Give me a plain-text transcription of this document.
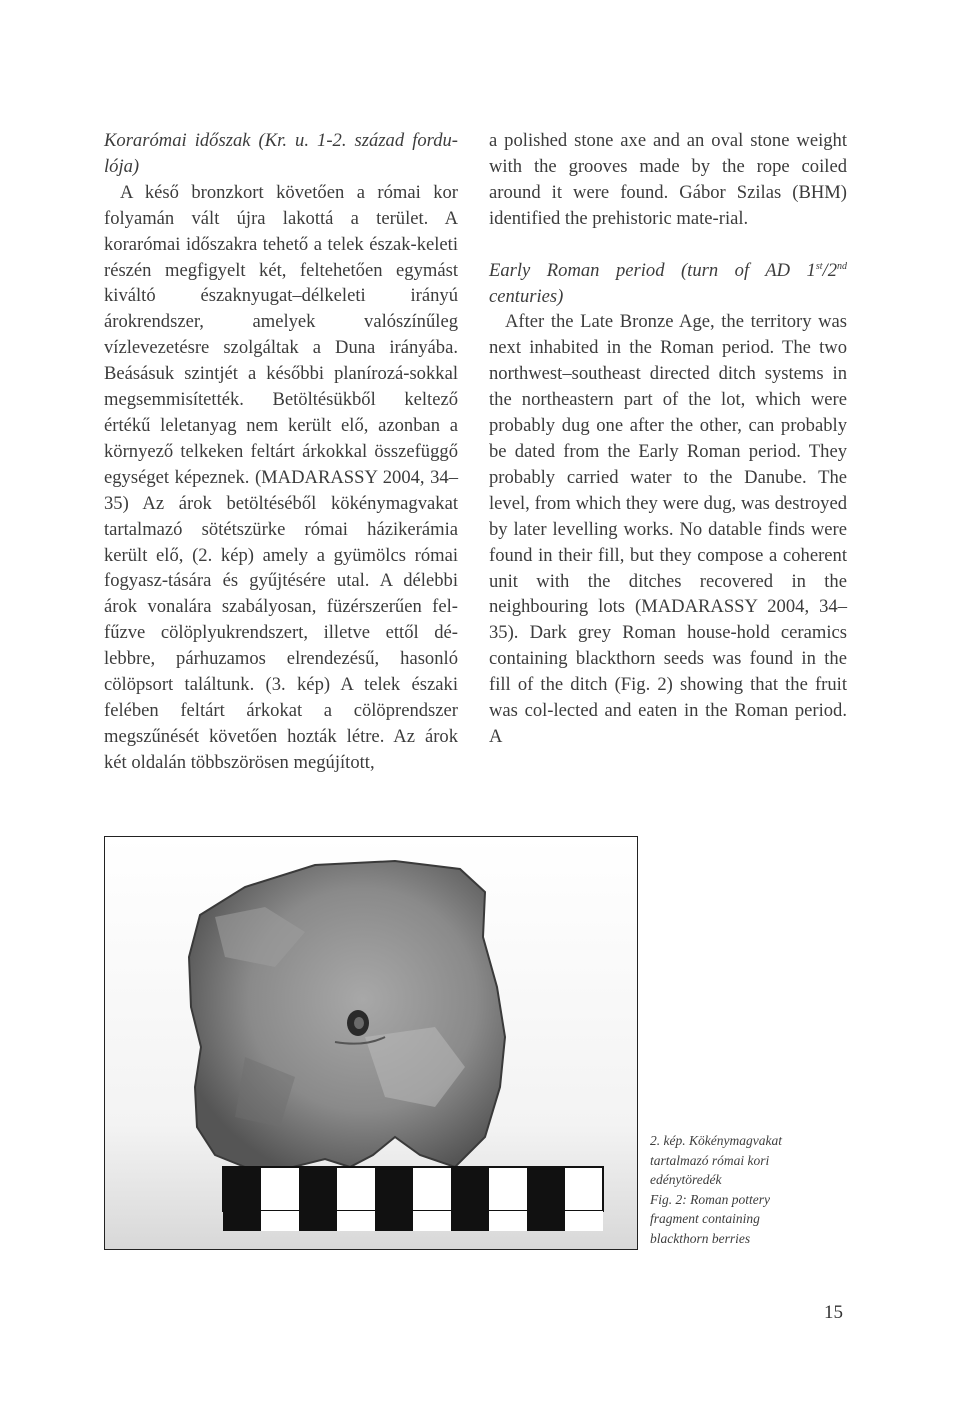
Korarómai időszak (Kr. u. 1-2. század fordu-lója)

A késő bronzkort követően a római kor folyamán vált újra lakottá a terület. A korarómai időszakra tehető a telek észak-keleti részén megfigyelt két, feltehetően egymást kiváltó északnyugat–délkeleti irányú árokrendszer, amelyek valószínűleg vízlevezetésre szolgáltak a Duna irányába. Beásásuk szintjét a későbbi planírozá-sokkal megsemmisítették. Betöltésükből keltező értékű leletanyag nem került elő, azonban a környező telkeken feltárt árkokkal összefüggő egységet képeznek. (MADARASSY 2004, 34–35) Az árok betöltéséből kökénymagvakat tartalmazó sötétszürke római házikerámia került elő, (2. kép) amely a gyümölcs római fogyasz-tására és gyűjtésére utal. A délebbi árok vonalára szabályosan, füzérszerűen fel-fűzve cölöplyukrendszert, illetve ettől dé-lebbre, párhuzamos elrendezésű, hasonló cölöpsort találtunk. (3. kép) A telek északi felében feltárt árkokat a cölöprendszer megszűnését követően hozták létre. Az árok két oldalán többszörösen megújított,

a polished stone axe and an oval stone weight with the grooves made by the rope coiled around it were found. Gábor Szilas (BHM) identified the prehistoric mate-rial.

Early Roman period (turn of AD 1st/2nd centuries)

After the Late Bronze Age, the territory was next inhabited in the Roman period. The two northwest–southeast directed ditch systems in the northeastern part of the lot, which were probably dug one after the other, can probably be dated from the Early Roman period. They probably carried water to the Danube. The level, from which they were dug, was destroyed by later levelling works. No datable finds were found in their fill, but they compose a coherent unit with the ditches recovered in the neighbouring lots (MADARASSY 2004, 34–35). Dark grey Roman house-hold ceramics containing blackthorn seeds was found in the fill of the ditch (Fig. 2) showing that the fruit was col-lected and eaten in the Roman period. A

2. kép. Kökénymagvakat
tartalmazó római kori
edénytöredék
Fig. 2: Roman pottery
fragment containing
blackthorn berries
15
